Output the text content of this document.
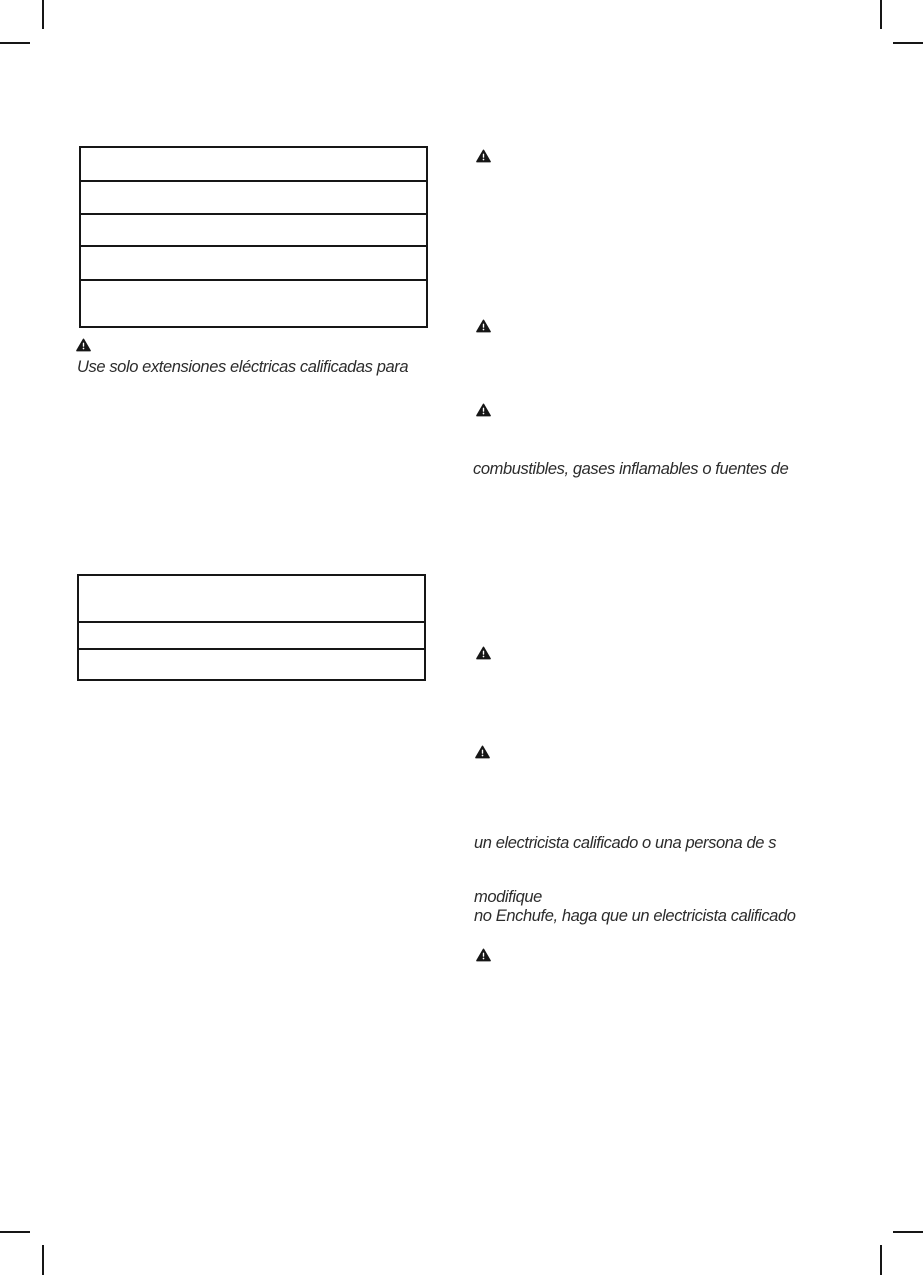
Use solo extensiones eléctricas calificadas para
combustibles, gases inflamables o fuentes de
un electricista calificado o una persona de s
modifique
no Enchufe, haga que un electricista calificado
